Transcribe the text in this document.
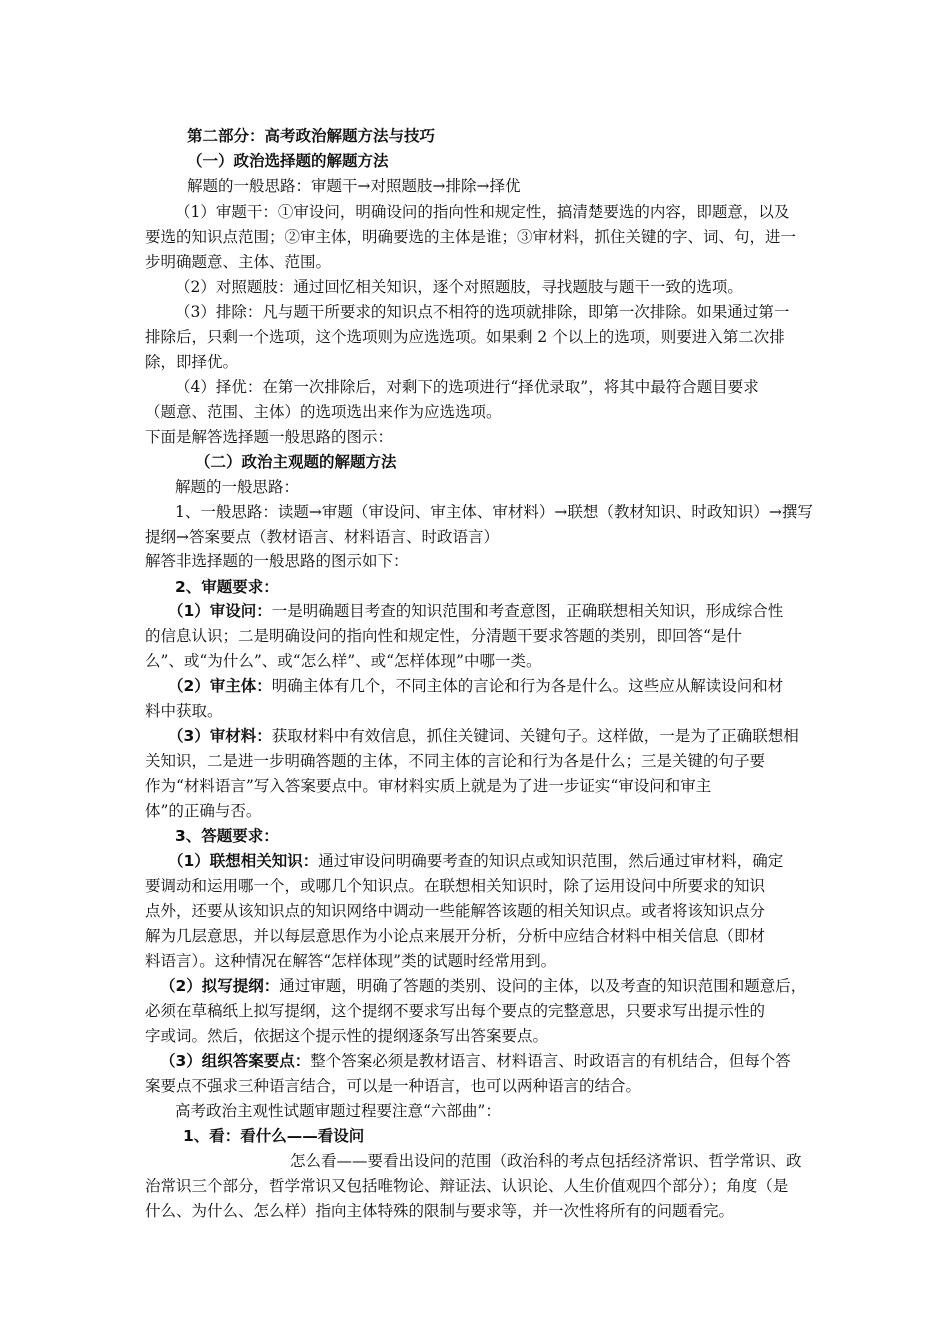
第二部分：高考政治解题方法与技巧
（一）政治选择题的解题方法
解题的一般思路：审题干→对照题肢→排除→择优
（1）审题干：①审设问，明确设问的指向性和规定性，搞清楚要选的内容，即题意，以及
要选的知识点范围；②审主体，明确要选的主体是谁；③审材料，抓住关键的字、词、句，进一
步明确题意、主体、范围。
（2）对照题肢：通过回忆相关知识，逐个对照题肢，寻找题肢与题干一致的选项。
（3）排除：凡与题干所要求的知识点不相符的选项就排除，即第一次排除。如果通过第一
排除后，只剩一个选项，这个选项则为应选选项。如果剩 2 个以上的选项，则要进入第二次排
除，即择优。
（4）择优：在第一次排除后，对剩下的选项进行“择优录取”，将其中最符合题目要求
（题意、范围、主体）的选项选出来作为应选选项。
下面是解答选择题一般思路的图示：
（二）政治主观题的解题方法
解题的一般思路：
1、一般思路：读题→审题（审设问、审主体、审材料）→联想（教材知识、时政知识）→撰写
提纲→答案要点（教材语言、材料语言、时政语言）
解答非选择题的一般思路的图示如下：
2、审题要求：
（1）审设问：一是明确题目考查的知识范围和考查意图，正确联想相关知识，形成综合性
的信息认识；二是明确设问的指向性和规定性，分清题干要求答题的类别，即回答“是什
么”、或“为什么”、或“怎么样”、或“怎样体现”中哪一类。
（2）审主体：明确主体有几个，不同主体的言论和行为各是什么。这些应从解读设问和材
料中获取。
（3）审材料：获取材料中有效信息，抓住关键词、关键句子。这样做，一是为了正确联想相
关知识，二是进一步明确答题的主体，不同主体的言论和行为各是什么；三是关键的句子要
作为“材料语言”写入答案要点中。审材料实质上就是为了进一步证实“审设问和审主
体”的正确与否。
3、答题要求：
（1）联想相关知识：通过审设问明确要考查的知识点或知识范围，然后通过审材料，确定
要调动和运用哪一个，或哪几个知识点。在联想相关知识时，除了运用设问中所要求的知识
点外，还要从该知识点的知识网络中调动一些能解答该题的相关知识点。或者将该知识点分
解为几层意思，并以每层意思作为小论点来展开分析，分析中应结合材料中相关信息（即材
料语言）。这种情况在解答“怎样体现”类的试题时经常用到。
（2）拟写提纲：通过审题，明确了答题的类别、设问的主体，以及考查的知识范围和题意后，
必须在草稿纸上拟写提纲，这个提纲不要求写出每个要点的完整意思，只要求写出提示性的
字或词。然后，依据这个提示性的提纲逐条写出答案要点。
（3）组织答案要点：整个答案必须是教材语言、材料语言、时政语言的有机结合，但每个答
案要点不强求三种语言结合，可以是一种语言，也可以两种语言的结合。
高考政治主观性试题审题过程要注意“六部曲”：
1、看：看什么——看设问
怎么看——要看出设问的范围（政治科的考点包括经济常识、哲学常识、政
治常识三个部分，哲学常识又包括唯物论、辩证法、认识论、人生价值观四个部分）；角度（是
什么、为什么、怎么样）指向主体特殊的限制与要求等，并一次性将所有的问题看完。
